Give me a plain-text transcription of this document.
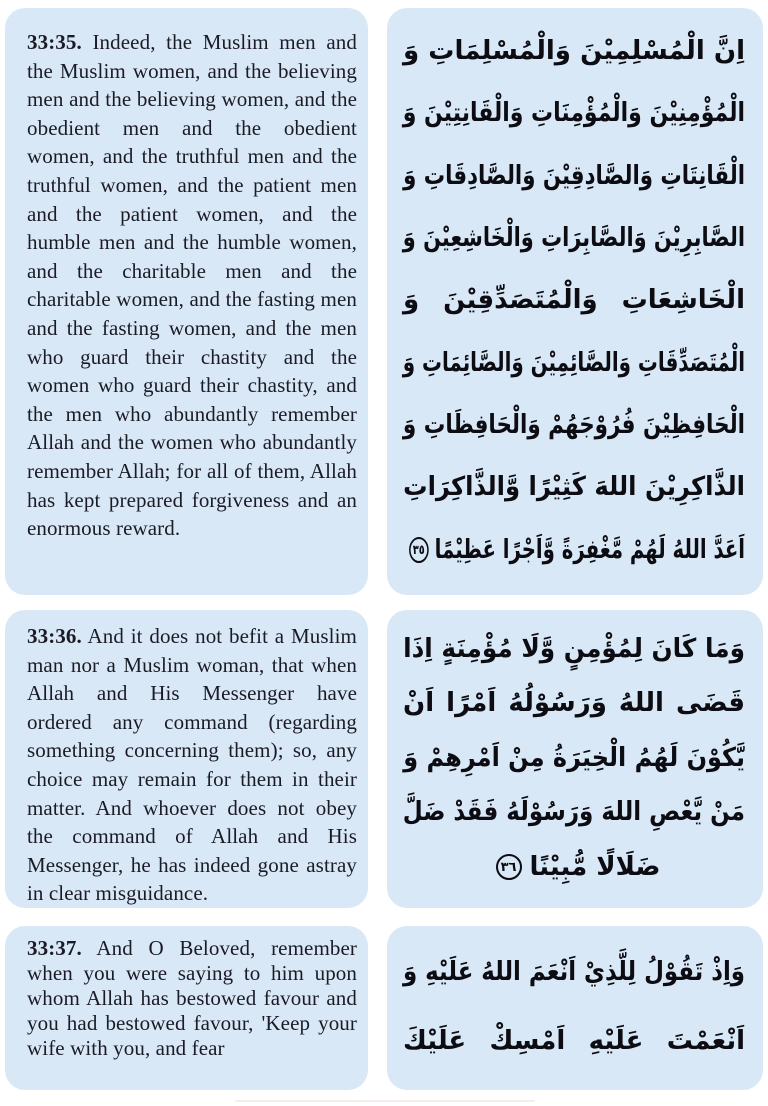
33:35. Indeed, the Muslim men and the Muslim women, and the believing men and the believing women, and the obedient men and the obedient women, and the truthful men and the truthful women, and the patient men and the patient women, and the humble men and the humble women, and the charitable men and the charitable women, and the fasting men and the fasting women, and the men who guard their chastity and the women who guard their chastity, and the men who abundantly remember Allah and the women who abundantly remember Allah; for all of them, Allah has kept prepared forgiveness and an enormous reward.

اِنَّ الْمُسْلِمِيْنَ وَالْمُسْلِمَاتِ وَ
الْمُؤْمِنِيْنَ وَالْمُؤْمِنَاتِ وَالْقَانِتِيْنَ وَ
الْقَانِتَاتِ وَالصَّادِقِيْنَ وَالصَّادِقَاتِ وَ
الصَّابِرِيْنَ وَالصَّابِرَاتِ وَالْخَاشِعِيْنَ وَ
الْخَاشِعَاتِ وَالْمُتَصَدِّقِيْنَ وَ
الْمُتَصَدِّقَاتِ وَالصَّائِمِيْنَ وَالصَّائِمَاتِ وَ
الْحَافِظِيْنَ فُرُوْجَهُمْ وَالْحَافِظَاتِ وَ
الذَّاكِرِيْنَ اللهَ كَثِيْرًا وَّالذَّاكِرَاتِ
اَعَدَّ اللهُ لَهُمْ مَّغْفِرَةً وَّاَجْرًا عَظِيْمًا٣٥

33:36. And it does not befit a Muslim man nor a Muslim woman, that when Allah and His Messenger have ordered any command (regarding something concerning them); so, any choice may remain for them in their matter. And whoever does not obey the command of Allah and His Messenger, he has indeed gone astray in clear misguidance.

وَمَا كَانَ لِمُؤْمِنٍ وَّلَا مُؤْمِنَةٍ اِذَا
قَضَى اللهُ وَرَسُوْلُهُ اَمْرًا اَنْ
يَّكُوْنَ لَهُمُ الْخِيَرَةُ مِنْ اَمْرِهِمْ وَ
مَنْ يَّعْصِ اللهَ وَرَسُوْلَهُ فَقَدْ ضَلَّ
ضَلَالًا مُّبِيْنًا٣٦

33:37. And O Beloved, remember when you were saying to him upon whom Allah has bestowed favour and you had bestowed favour, 'Keep your wife with you, and fear

وَاِذْ تَقُوْلُ لِلَّذِيْ اَنْعَمَ اللهُ عَلَيْهِ وَ
اَنْعَمْتَ عَلَيْهِ اَمْسِكْ عَلَيْكَ
